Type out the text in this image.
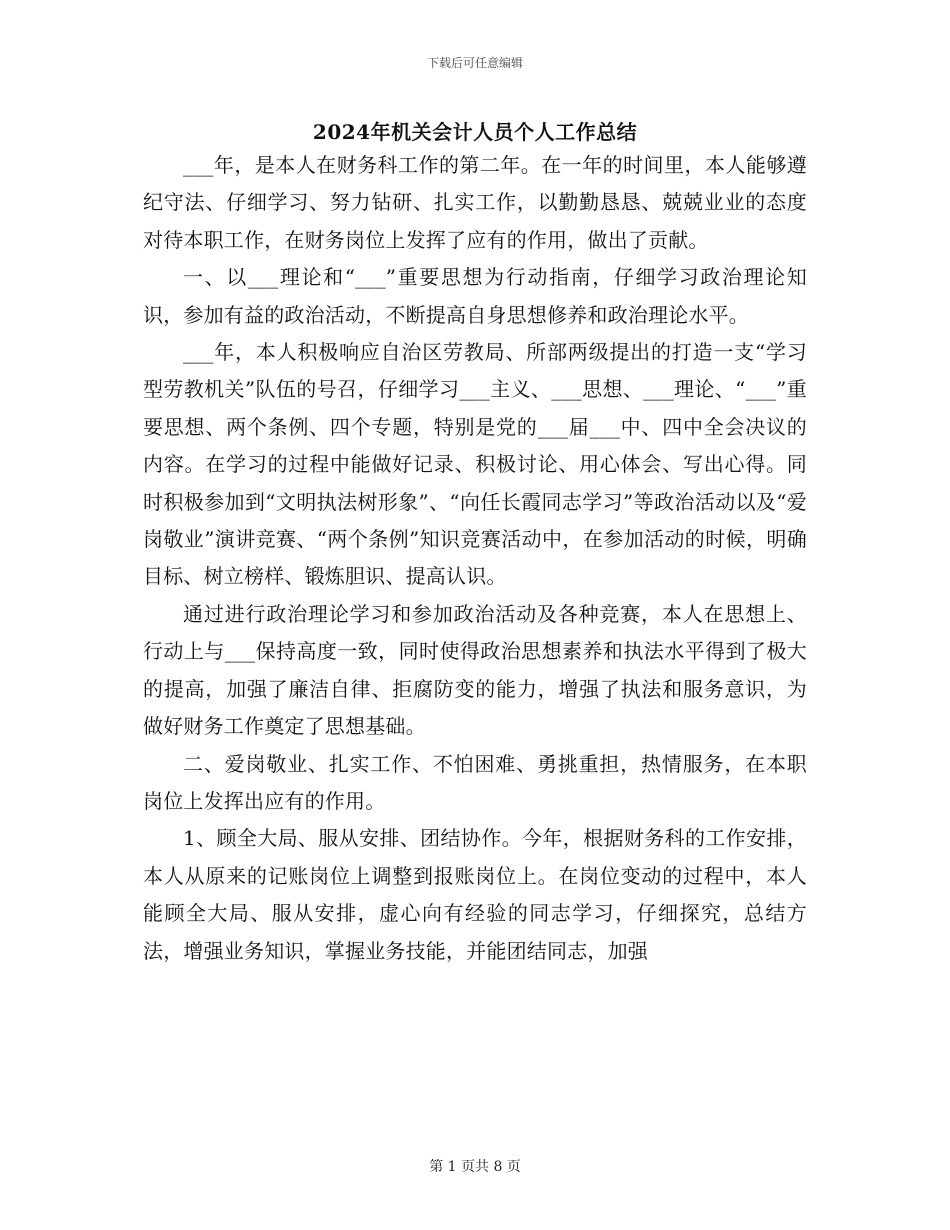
下载后可任意编辑
2024年机关会计人员个人工作总结

___年，是本人在财务科工作的第二年。在一年的时间里，本人能够遵纪守法、仔细学习、努力钻研、扎实工作，以勤勤恳恳、兢兢业业的态度对待本职工作，在财务岗位上发挥了应有的作用，做出了贡献。

一、以___理论和“___”重要思想为行动指南，仔细学习政治理论知识，参加有益的政治活动，不断提高自身思想修养和政治理论水平。

___年，本人积极响应自治区劳教局、所部两级提出的打造一支“学习型劳教机关”队伍的号召，仔细学习___主义、___思想、___理论、“___”重要思想、两个条例、四个专题，特别是党的___届___中、四中全会决议的内容。在学习的过程中能做好记录、积极讨论、用心体会、写出心得。同时积极参加到“文明执法树形象”、“向任长霞同志学习”等政治活动以及“爱岗敬业”演讲竞赛、“两个条例”知识竞赛活动中，在参加活动的时候，明确目标、树立榜样、锻炼胆识、提高认识。

通过进行政治理论学习和参加政治活动及各种竞赛，本人在思想上、行动上与___保持高度一致，同时使得政治思想素养和执法水平得到了极大的提高，加强了廉洁自律、拒腐防变的能力，增强了执法和服务意识，为做好财务工作奠定了思想基础。

二、爱岗敬业、扎实工作、不怕困难、勇挑重担，热情服务，在本职岗位上发挥出应有的作用。

1、顾全大局、服从安排、团结协作。今年，根据财务科的工作安排，本人从原来的记账岗位上调整到报账岗位上。在岗位变动的过程中，本人能顾全大局、服从安排，虚心向有经验的同志学习，仔细探究，总结方法，增强业务知识，掌握业务技能，并能团结同志，加强

第 1 页共 8 页
